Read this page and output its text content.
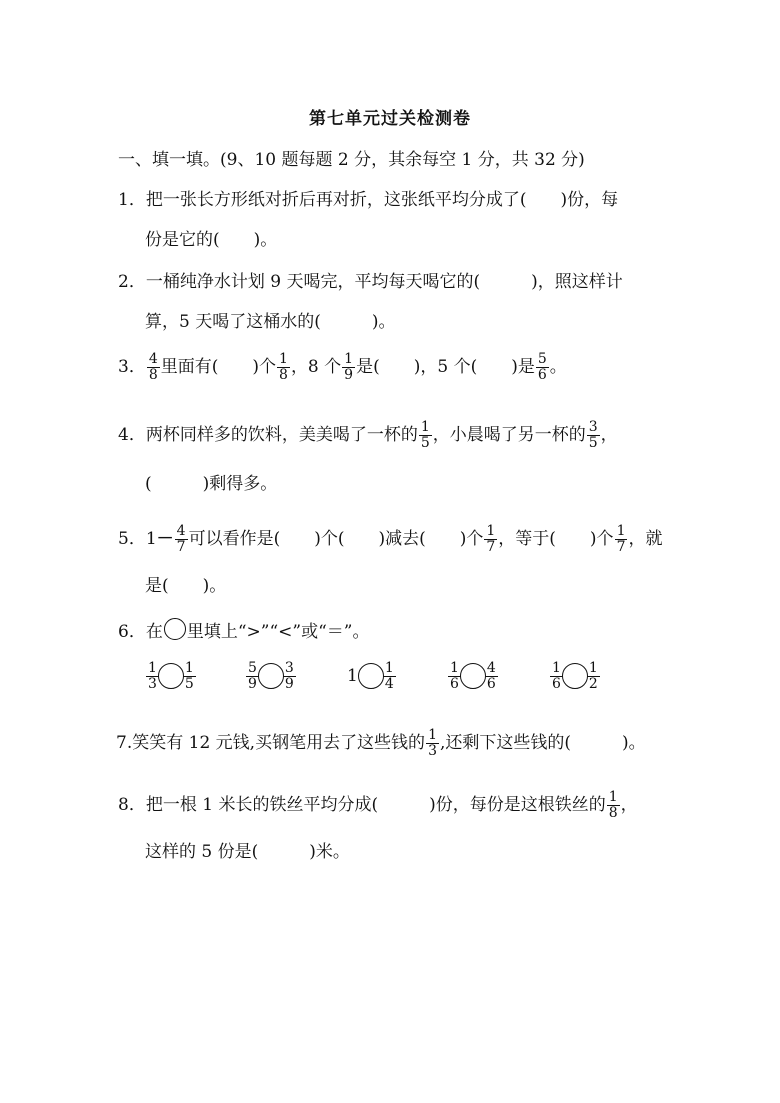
第七单元过关检测卷
一、填一填。(9、10 题每题 2 分，其余每空 1 分，共 32 分)
1．把一张长方形纸对折后再对折，这张纸平均分成了(　　)份，每
份是它的(　　)。
2．一桶纯净水计划 9 天喝完，平均每天喝它的(　　　)，照这样计
算，5 天喝了这桶水的(　　　)。
3． $\frac{4}{8}$ 里面有(　　)个 $\frac{1}{8}$ ，8 个 $\frac{1}{9}$ 是(　　)，5 个(　　)是 $\frac{5}{6}$ 。
4．两杯同样多的饮料，美美喝了一杯的 $\frac{1}{5}$ ，小晨喝了另一杯的 $\frac{3}{5}$ ，
(　　　)剩得多。
5．$1- \frac{4}{7}$ 可以看作是(　　)个(　　)减去(　　)个 $\frac{1}{7}$ ，等于(　　)个 $\frac{1}{7}$ ，就
是(　　)。
6．在 里填上“>”“<”或“＝”。
$\frac{1}{3} \frac{1}{5}$	$\frac{5}{9} \frac{3}{9}$	$1 \frac{1}{4}$	$\frac{1}{6} \frac{4}{6}$	$\frac{1}{6} \frac{1}{2}$
7.笑笑有 12 元钱,买钢笔用去了这些钱的 $\frac{1}{3}$ ,还剩下这些钱的(　　　)。
8．把一根 1 米长的铁丝平均分成(　　　)份，每份是这根铁丝的 $\frac{1}{8}$ ，
这样的 5 份是(　　　)米。
